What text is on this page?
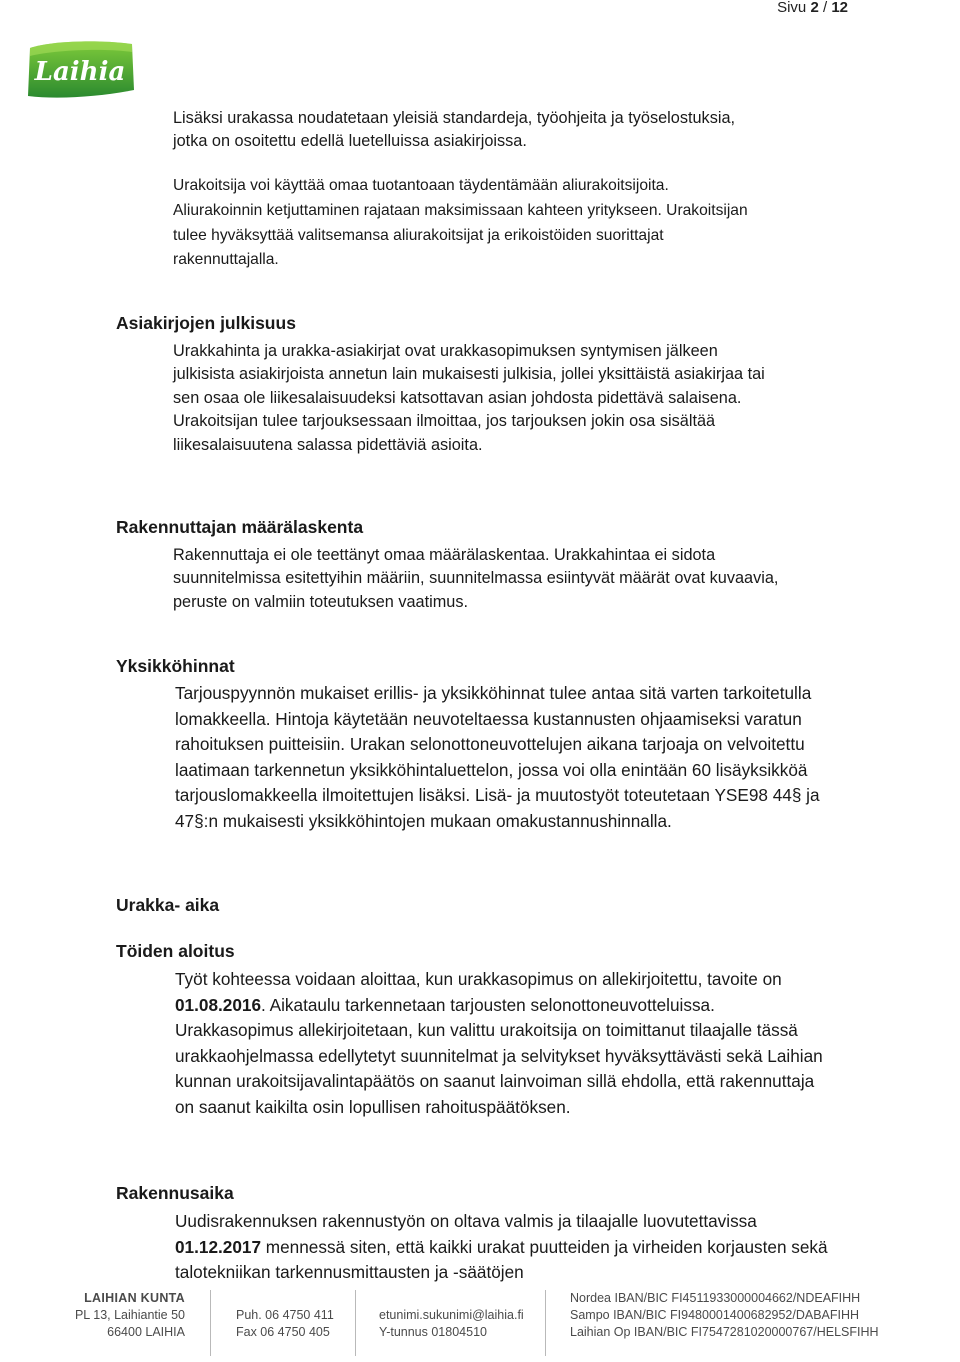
Sivu 2 / 12
Laihia

Lisäksi urakassa noudatetaan yleisiä standardeja, työohjeita ja työselostuksia, jotka on osoitettu edellä luetelluissa asiakirjoissa.

Urakoitsija voi käyttää omaa tuotantoaan täydentämään aliurakoitsijoita.

Aliurakoinnin ketjuttaminen rajataan maksimissaan kahteen yritykseen. Urakoitsijan tulee hyväksyttää valitsemansa aliurakoitsijat ja erikoistöiden suorittajat rakennuttajalla.

Asiakirjojen julkisuus

Urakkahinta ja urakka-asiakirjat ovat urakkasopimuksen syntymisen jälkeen julkisista asiakirjoista annetun lain mukaisesti julkisia, jollei yksittäistä asiakirjaa tai sen osaa ole liikesalaisuudeksi katsottavan asian johdosta pidettävä salaisena. Urakoitsijan tulee tarjouksessaan ilmoittaa, jos tarjouksen jokin osa sisältää liikesalaisuutena salassa pidettäviä asioita.

Rakennuttajan määrälaskenta

Rakennuttaja ei ole teettänyt omaa määrälaskentaa. Urakkahintaa ei sidota suunnitelmissa esitettyihin määriin, suunnitelmassa esiintyvät määrät ovat kuvaavia, peruste on valmiin toteutuksen vaatimus.

Yksikköhinnat

Tarjouspyynnön mukaiset erillis- ja yksikköhinnat tulee antaa sitä varten tarkoitetulla lomakkeella. Hintoja käytetään neuvoteltaessa kustannusten ohjaamiseksi varatun rahoituksen puitteisiin. Urakan selonottoneuvottelujen aikana tarjoaja on velvoitettu laatimaan tarkennetun yksikköhintaluettelon, jossa voi olla enintään 60 lisäyksikköä tarjouslomakkeella ilmoitettujen lisäksi. Lisä- ja muutostyöt toteutetaan YSE98 44§ ja 47§:n mukaisesti yksikköhintojen mukaan omakustannushinnalla.

Urakka- aika
Töiden aloitus

Työt kohteessa voidaan aloittaa, kun urakkasopimus on allekirjoitettu, tavoite on 01.08.2016. Aikataulu tarkennetaan tarjousten selonottoneuvotteluissa. Urakkasopimus allekirjoitetaan, kun valittu urakoitsija on toimittanut tilaajalle tässä urakkaohjelmassa edellytetyt suunnitelmat ja selvitykset hyväksyttävästi sekä Laihian kunnan urakoitsijavalintapäätös on saanut lainvoiman sillä ehdolla, että rakennuttaja on saanut kaikilta osin lopullisen rahoituspäätöksen.

Rakennusaika

Uudisrakennuksen rakennustyön on oltava valmis ja tilaajalle luovutettavissa 01.12.2017 mennessä siten, että kaikki urakat puutteiden ja virheiden korjausten sekä talotekniikan tarkennusmittausten ja -säätöjen

LAIHIAN KUNTA
PL 13, Laihiantie 50
66400 LAIHIA
Puh. 06 4750 411
Fax 06 4750 405
etunimi.sukunimi@laihia.fi
Y-tunnus 01804510
Nordea IBAN/BIC FI4511933000004662/NDEAFIHH
Sampo IBAN/BIC FI9480001400682952/DABAFIHH
Laihian Op IBAN/BIC FI7547281020000767/HELSFIHH
